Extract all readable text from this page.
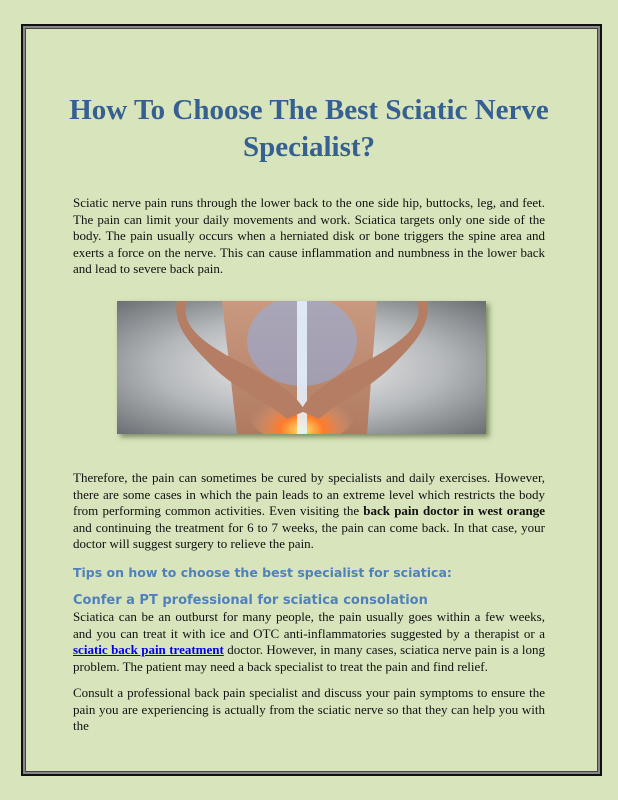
How To Choose The Best Sciatic Nerve Specialist?

Sciatic nerve pain runs through the lower back to the one side hip, buttocks, leg, and feet. The pain can limit your daily movements and work. Sciatica targets only one side of the body. The pain usually occurs when a herniated disk or bone triggers the spine area and exerts a force on the nerve. This can cause inflammation and numbness in the lower back and lead to severe back pain.

Therefore, the pain can sometimes be cured by specialists and daily exercises. However, there are some cases in which the pain leads to an extreme level which restricts the body from performing common activities. Even visiting the back pain doctor in west orange and continuing the treatment for 6 to 7 weeks, the pain can come back. In that case, your doctor will suggest surgery to relieve the pain.

Tips on how to choose the best specialist for sciatica:
Confer a PT professional for sciatica consolation

Sciatica can be an outburst for many people, the pain usually goes within a few weeks, and you can treat it with ice and OTC anti-inflammatories suggested by a therapist or a sciatic back pain treatment doctor. However, in many cases, sciatica nerve pain is a long problem. The patient may need a back specialist to treat the pain and find relief.

Consult a professional back pain specialist and discuss your pain symptoms to ensure the pain you are experiencing is actually from the sciatic nerve so that they can help you with the
